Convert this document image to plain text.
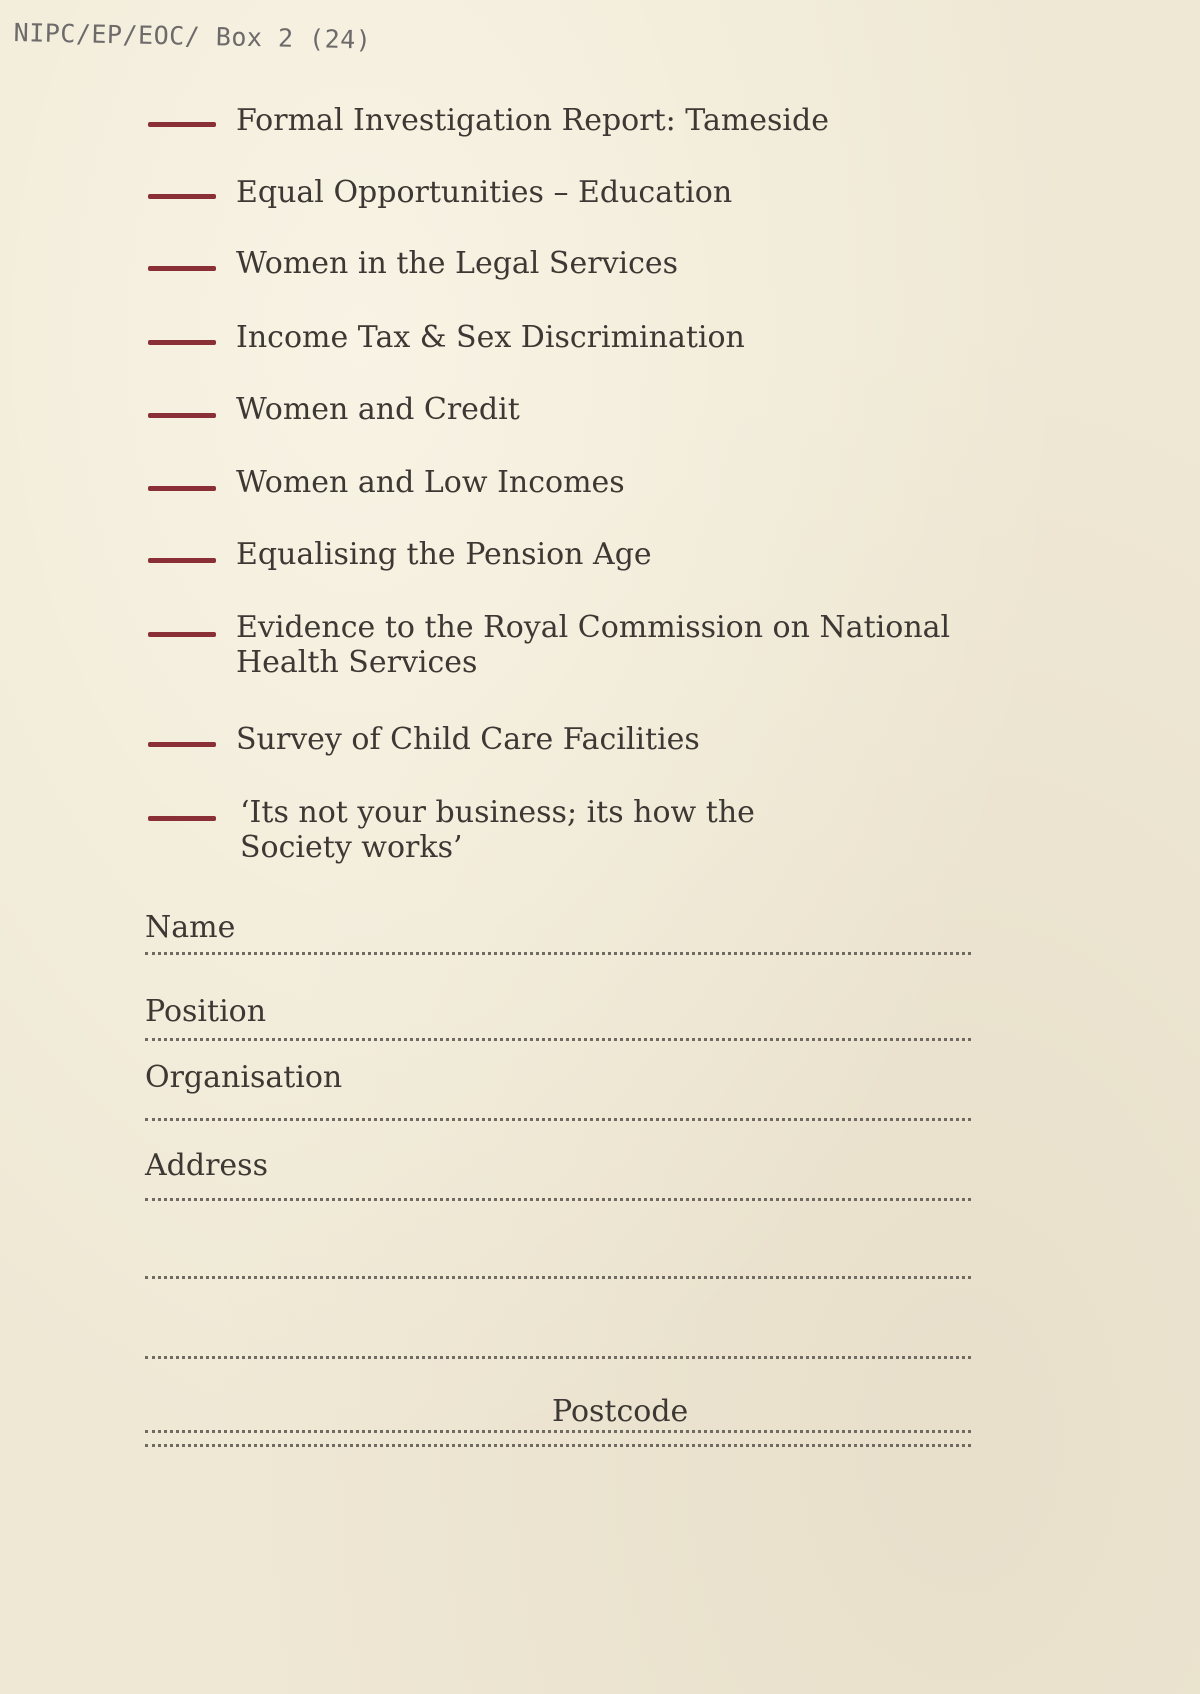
NIPC/EP/EOC/ Box 2 (24)
Formal Investigation Report: Tameside
Equal Opportunities – Education
Women in the Legal Services
Income Tax & Sex Discrimination
Women and Credit
Women and Low Incomes
Equalising the Pension Age
Evidence to the Royal Commission on National Health Services
Survey of Child Care Facilities
‘Its not your business; its how the Society works’
Name
Position
Organisation
Address
Postcode
